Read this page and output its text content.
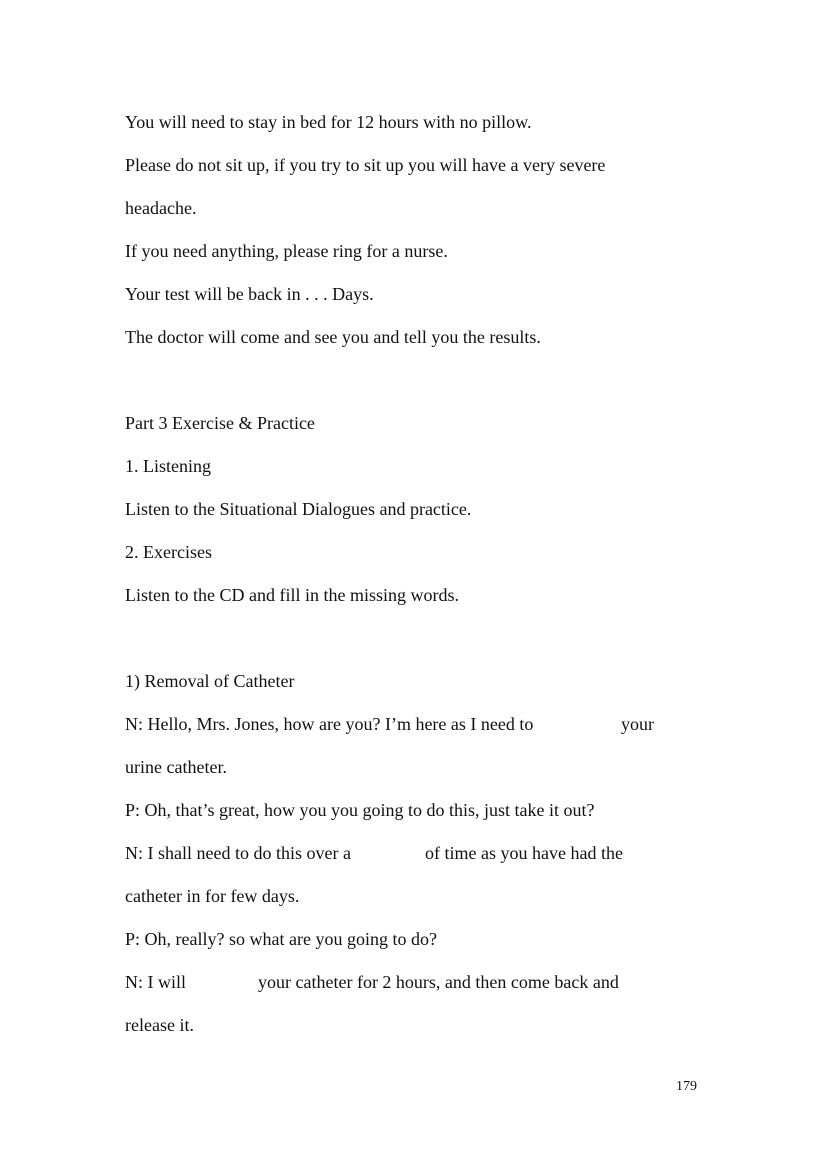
You will need to stay in bed for 12 hours with no pillow.
Please do not sit up, if you try to sit up you will have a very severe
headache.
If you need anything, please ring for a nurse.
Your test will be back in . . . Days.
The doctor will come and see you and tell you the results.
Part 3 Exercise & Practice
1. Listening
Listen to the Situational Dialogues and practice.
2. Exercises
Listen to the CD and fill in the missing words.
1) Removal of Catheter
N: Hello, Mrs. Jones, how are you? I’m here as I need to	your
urine catheter.
P: Oh, that’s great, how you you going to do this, just take it out?
N: I shall need to do this over a	of time as you have had the
catheter in for few days.
P: Oh, really? so what are you going to do?
N: I will	your catheter for 2 hours, and then come back and
release it.
179
